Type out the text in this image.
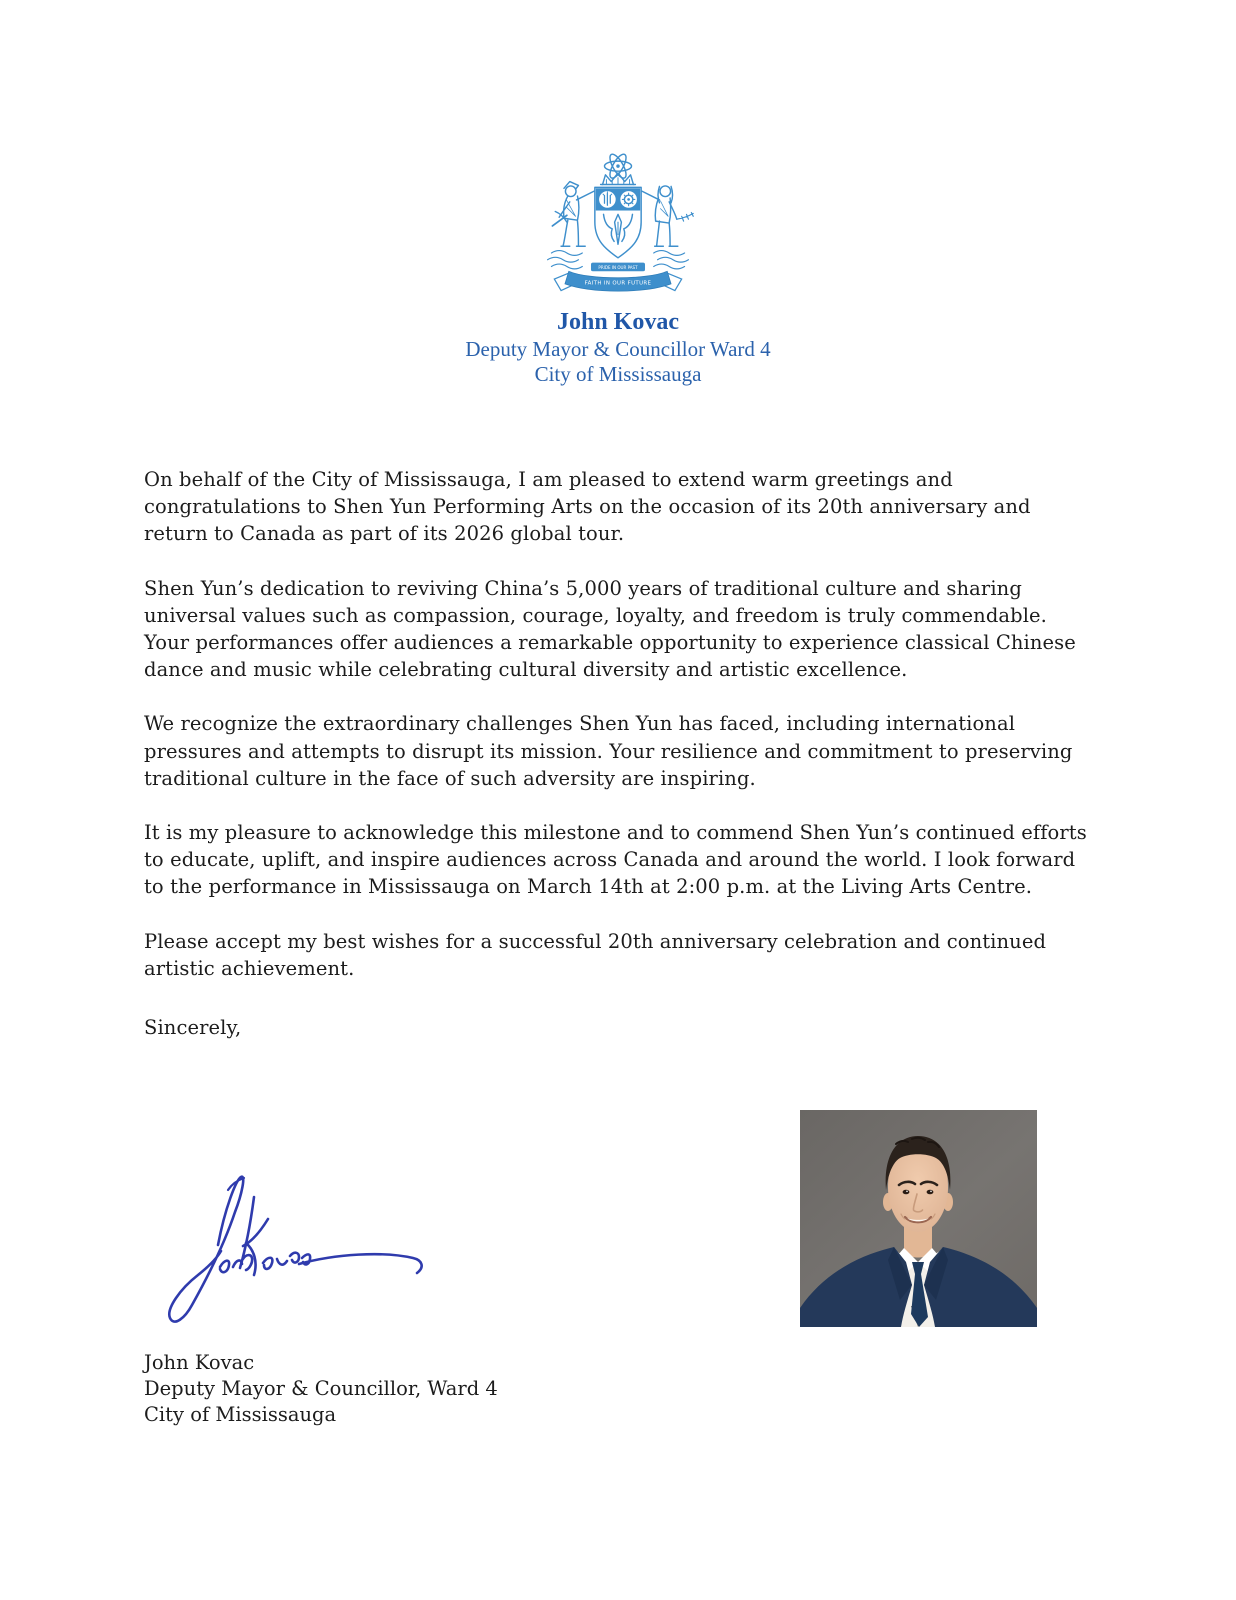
PRIDE IN OUR PAST
FAITH IN OUR FUTURE
John Kovac
Deputy Mayor & Councillor Ward 4
City of Mississauga

On behalf of the City of Mississauga, I am pleased to extend warm greetings and congratulations to Shen Yun Performing Arts on the occasion of its 20th anniversary and return to Canada as part of its 2026 global tour.

Shen Yun’s dedication to reviving China’s 5,000 years of traditional culture and sharing universal values such as compassion, courage, loyalty, and freedom is truly commendable. Your performances offer audiences a remarkable opportunity to experience classical Chinese dance and music while celebrating cultural diversity and artistic excellence.

We recognize the extraordinary challenges Shen Yun has faced, including international pressures and attempts to disrupt its mission. Your resilience and commitment to preserving traditional culture in the face of such adversity are inspiring.

It is my pleasure to acknowledge this milestone and to commend Shen Yun’s continued efforts to educate, uplift, and inspire audiences across Canada and around the world. I look forward to the performance in Mississauga on March 14th at 2:00 p.m. at the Living Arts Centre.

Please accept my best wishes for a successful 20th anniversary celebration and continued artistic achievement.

Sincerely,

John Kovac
Deputy Mayor & Councillor, Ward 4
City of Mississauga
